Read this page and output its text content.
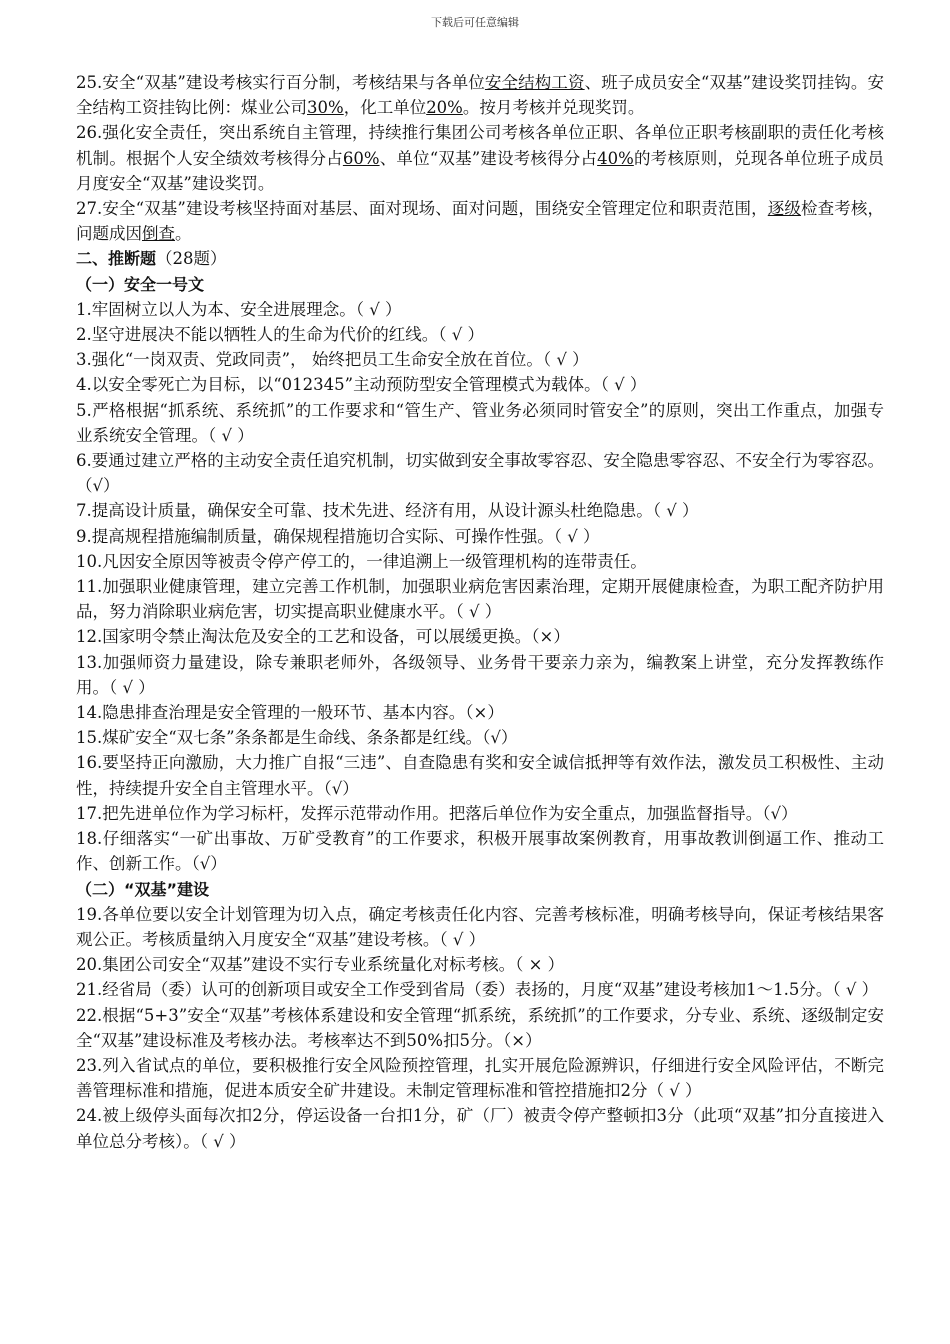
下载后可任意编辑

25.安全“双基”建设考核实行百分制，考核结果与各单位安全结构工资、班子成员安全“双基”建设奖罚挂钩。安全结构工资挂钩比例：煤业公司30%，化工单位20%。按月考核并兑现奖罚。

26.强化安全责任，突出系统自主管理，持续推行集团公司考核各单位正职、各单位正职考核副职的责任化考核机制。根据个人安全绩效考核得分占60%、单位“双基”建设考核得分占40%的考核原则，兑现各单位班子成员月度安全“双基”建设奖罚。

27.安全“双基”建设考核坚持面对基层、面对现场、面对问题，围绕安全管理定位和职责范围，逐级检查考核，问题成因倒查。

二、推断题（28题）

（一）安全一号文

1.牢固树立以人为本、安全进展理念。（ √ ）

2.坚守进展决不能以牺牲人的生命为代价的红线。（ √ ）

3.强化“一岗双责、党政同责”， 始终把员工生命安全放在首位。（ √ ）

4.以安全零死亡为目标，以“012345”主动预防型安全管理模式为载体。（ √ ）

5.严格根据“抓系统、系统抓”的工作要求和“管生产、管业务必须同时管安全”的原则，突出工作重点，加强专业系统安全管理。（ √ ）

6.要通过建立严格的主动安全责任追究机制，切实做到安全事故零容忍、安全隐患零容忍、不安全行为零容忍。（√）

7.提高设计质量，确保安全可靠、技术先进、经济有用，从设计源头杜绝隐患。（ √ ）

9.提高规程措施编制质量，确保规程措施切合实际、可操作性强。（ √ ）

10.凡因安全原因等被责令停产停工的，一律追溯上一级管理机构的连带责任。

11.加强职业健康管理，建立完善工作机制，加强职业病危害因素治理，定期开展健康检查，为职工配齐防护用品，努力消除职业病危害，切实提高职业健康水平。（ √ ）

12.国家明令禁止淘汰危及安全的工艺和设备，可以展缓更换。（×）

13.加强师资力量建设，除专兼职老师外，各级领导、业务骨干要亲力亲为，编教案上讲堂，充分发挥教练作用。（ √ ）

14.隐患排查治理是安全管理的一般环节、基本内容。（×）

15.煤矿安全“双七条”条条都是生命线、条条都是红线。（√）

16.要坚持正向激励，大力推广自报“三违”、自查隐患有奖和安全诚信抵押等有效作法，激发员工积极性、主动性，持续提升安全自主管理水平。（√）

17.把先进单位作为学习标杆，发挥示范带动作用。把落后单位作为安全重点，加强监督指导。（√）

18.仔细落实“一矿出事故、万矿受教育”的工作要求，积极开展事故案例教育，用事故教训倒逼工作、推动工作、创新工作。（√）

（二）“双基”建设

19.各单位要以安全计划管理为切入点，确定考核责任化内容、完善考核标准，明确考核导向，保证考核结果客观公正。考核质量纳入月度安全“双基”建设考核。（ √ ）

20.集团公司安全“双基”建设不实行专业系统量化对标考核。（ × ）

21.经省局（委）认可的创新项目或安全工作受到省局（委）表扬的，月度“双基”建设考核加1～1.5分。（ √ ）

22.根据“5+3”安全“双基”考核体系建设和安全管理“抓系统，系统抓”的工作要求，分专业、系统、逐级制定安全“双基”建设标准及考核办法。考核率达不到50%扣5分。（×）

23.列入省试点的单位，要积极推行安全风险预控管理，扎实开展危险源辨识，仔细进行安全风险评估，不断完善管理标准和措施，促进本质安全矿井建设。未制定管理标准和管控措施扣2分（ √ ）

24.被上级停头面每次扣2分，停运设备一台扣1分，矿（厂）被责令停产整顿扣3分（此项“双基”扣分直接进入单位总分考核）。（ √ ）
